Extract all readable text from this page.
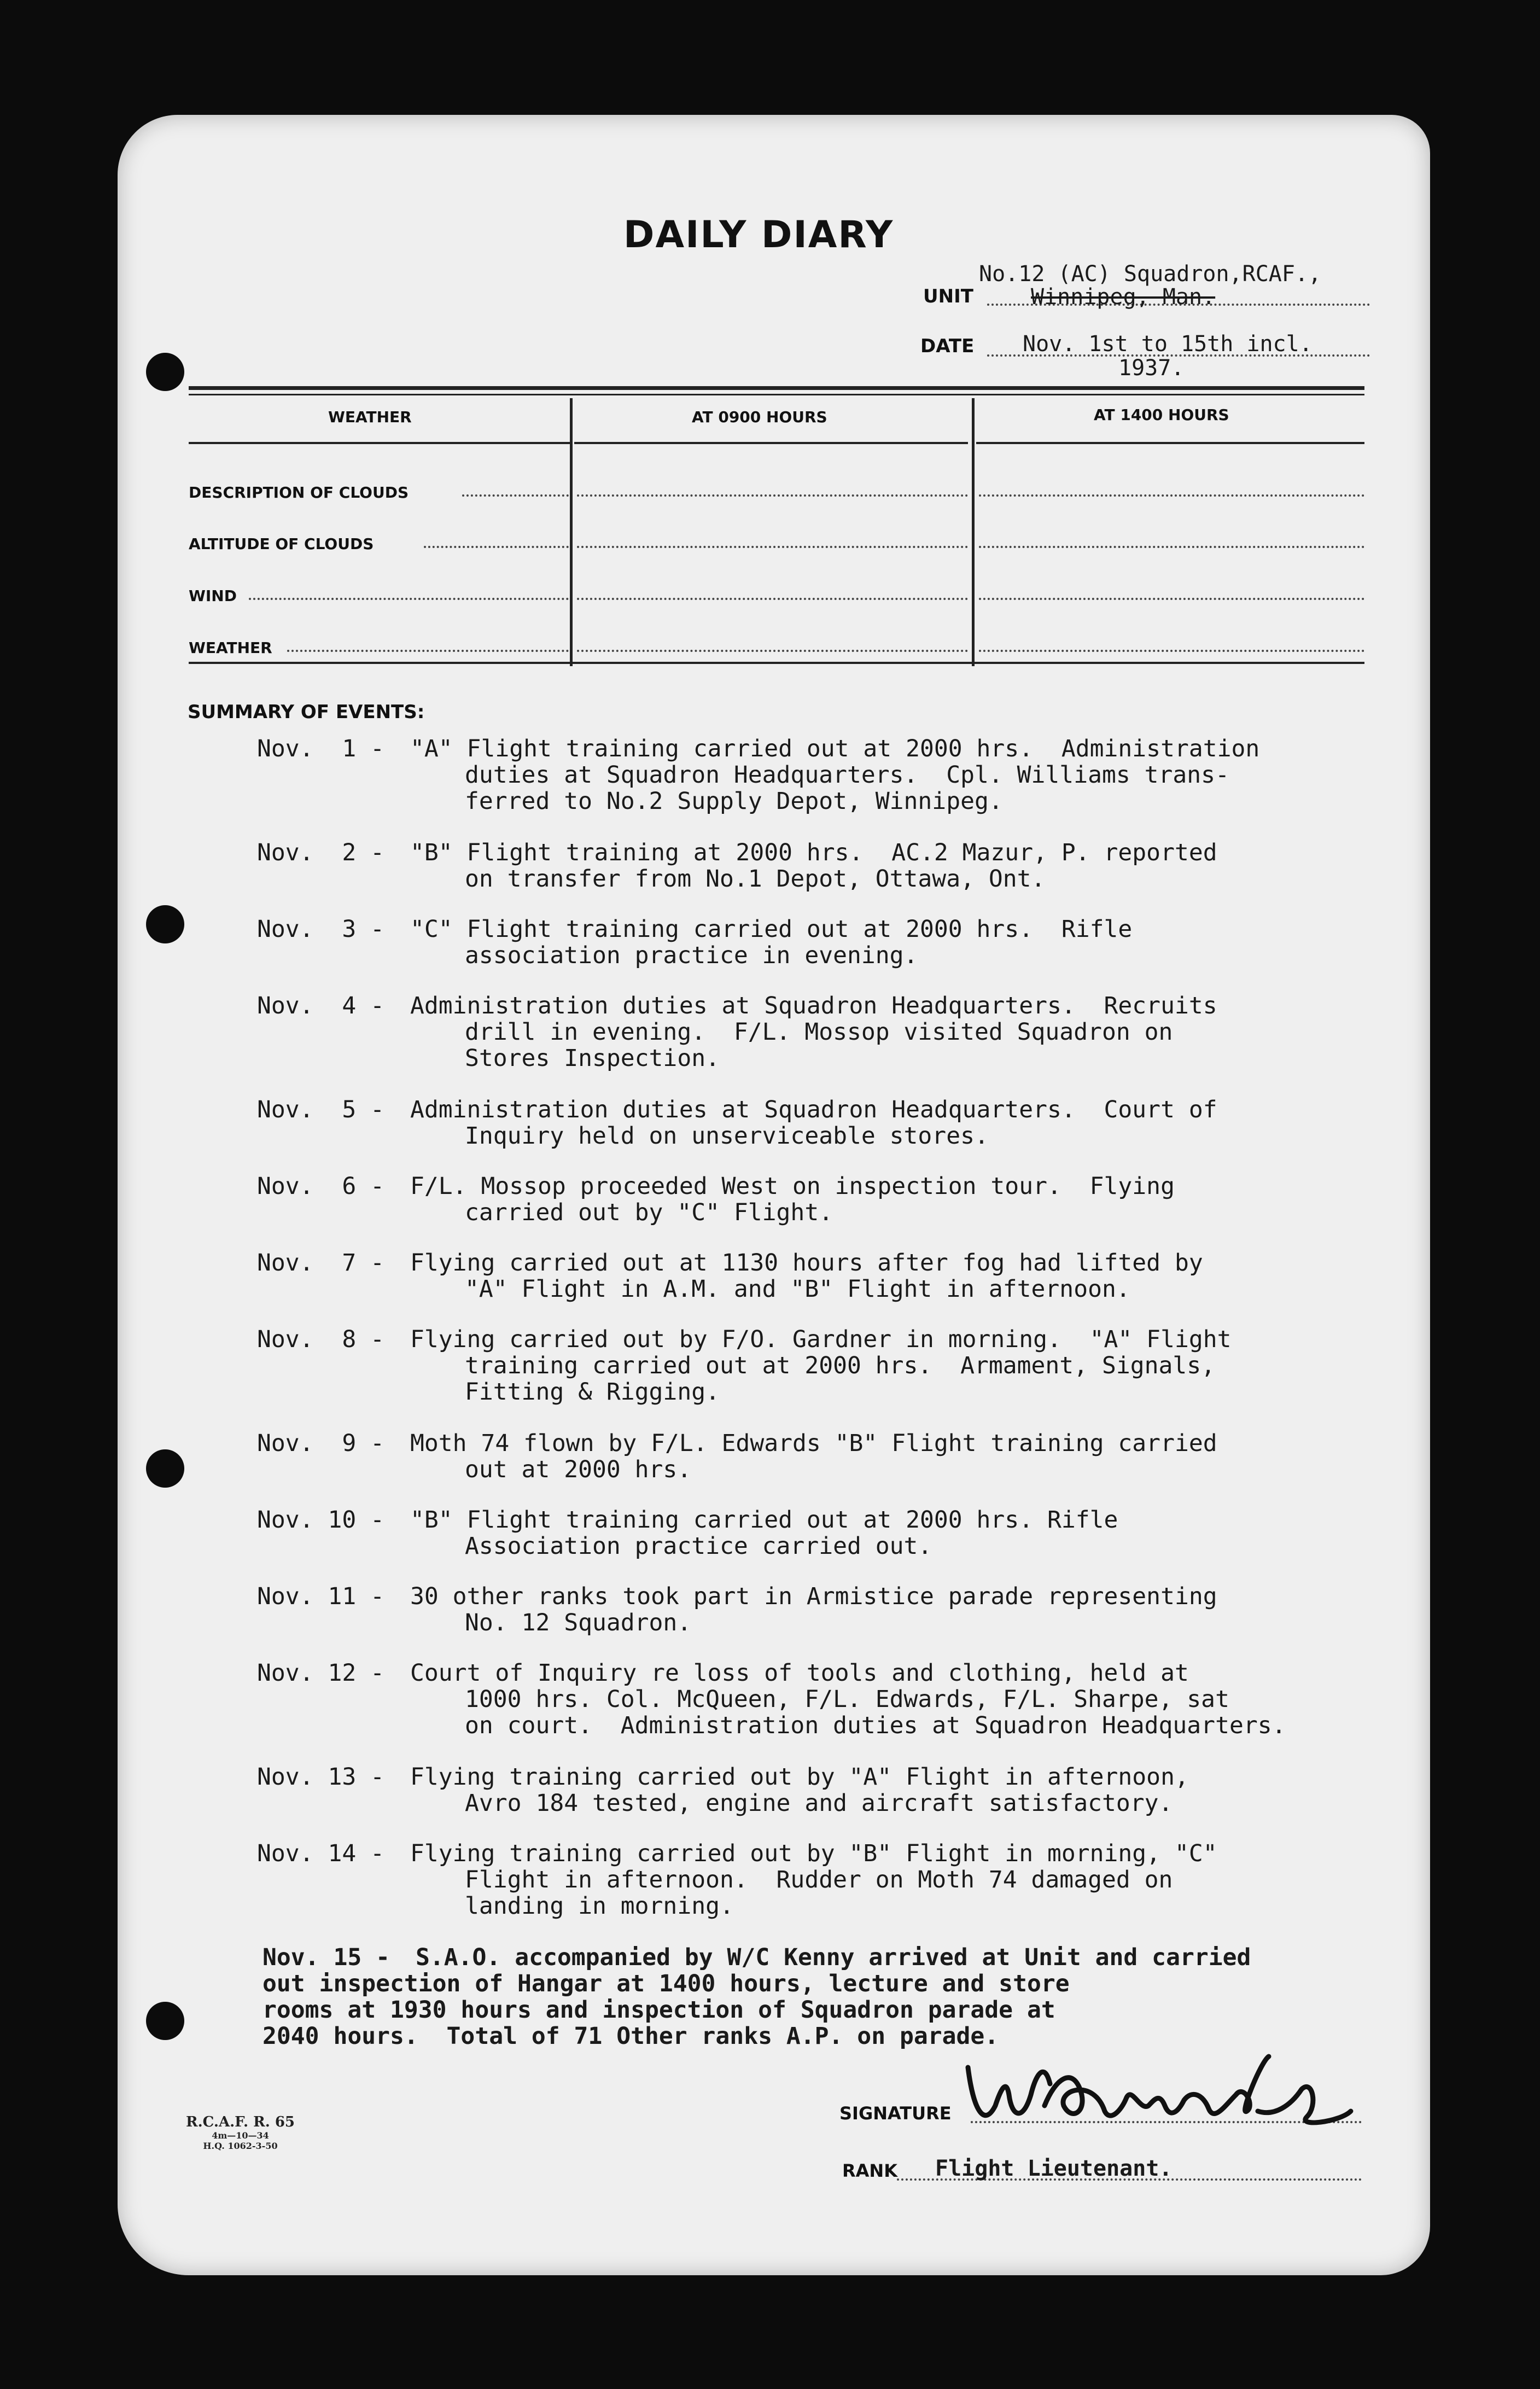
DAILY DIARY
No.12 (AC) Squadron,RCAF.,
UNIT	Winnipeg, Man.
DATE Nov. 1st to 15th incl.
1937.
WEATHER	AT 0900 HOURS	AT 1400 HOURS
DESCRIPTION OF CLOUDS
ALTITUDE OF CLOUDS
WIND
WEATHER
SUMMARY OF EVENTS:
Nov.  1 - "A" Flight training carried out at 2000 hrs.  Administration
duties at Squadron Headquarters.  Cpl. Williams trans-
ferred to No.2 Supply Depot, Winnipeg.
Nov.  2 - "B" Flight training at 2000 hrs.  AC.2 Mazur, P. reported
on transfer from No.1 Depot, Ottawa, Ont.
Nov.  3 - "C" Flight training carried out at 2000 hrs.  Rifle
association practice in evening.
Nov.  4 - Administration duties at Squadron Headquarters.  Recruits
drill in evening.  F/L. Mossop visited Squadron on
Stores Inspection.
Nov.  5 - Administration duties at Squadron Headquarters.  Court of
Inquiry held on unserviceable stores.
Nov.  6 - F/L. Mossop proceeded West on inspection tour.  Flying
carried out by "C" Flight.
Nov.  7 - Flying carried out at 1130 hours after fog had lifted by
"A" Flight in A.M. and "B" Flight in afternoon.
Nov.  8 - Flying carried out by F/O. Gardner in morning.  "A" Flight
training carried out at 2000 hrs.  Armament, Signals,
Fitting & Rigging.
Nov.  9 - Moth 74 flown by F/L. Edwards "B" Flight training carried
out at 2000 hrs.
Nov. 10 - "B" Flight training carried out at 2000 hrs. Rifle
Association practice carried out.
Nov. 11 - 30 other ranks took part in Armistice parade representing
No. 12 Squadron.
Nov. 12 - Court of Inquiry re loss of tools and clothing, held at
1000 hrs. Col. McQueen, F/L. Edwards, F/L. Sharpe, sat
on court.  Administration duties at Squadron Headquarters.
Nov. 13 - Flying training carried out by "A" Flight in afternoon,
Avro 184 tested, engine and aircraft satisfactory.
Nov. 14 - Flying training carried out by "B" Flight in morning, "C"
Flight in afternoon.  Rudder on Moth 74 damaged on
landing in morning.
Nov. 15 - S.A.O. accompanied by W/C Kenny arrived at Unit and carried
out inspection of Hangar at 1400 hours, lecture and store
rooms at 1930 hours and inspection of Squadron parade at
2040 hours.  Total of 71 Other ranks A.P. on parade.
SIGNATURE
RANK Flight Lieutenant.
R.C.A.F. R. 65
4m—10—34
H.Q. 1062-3-50
